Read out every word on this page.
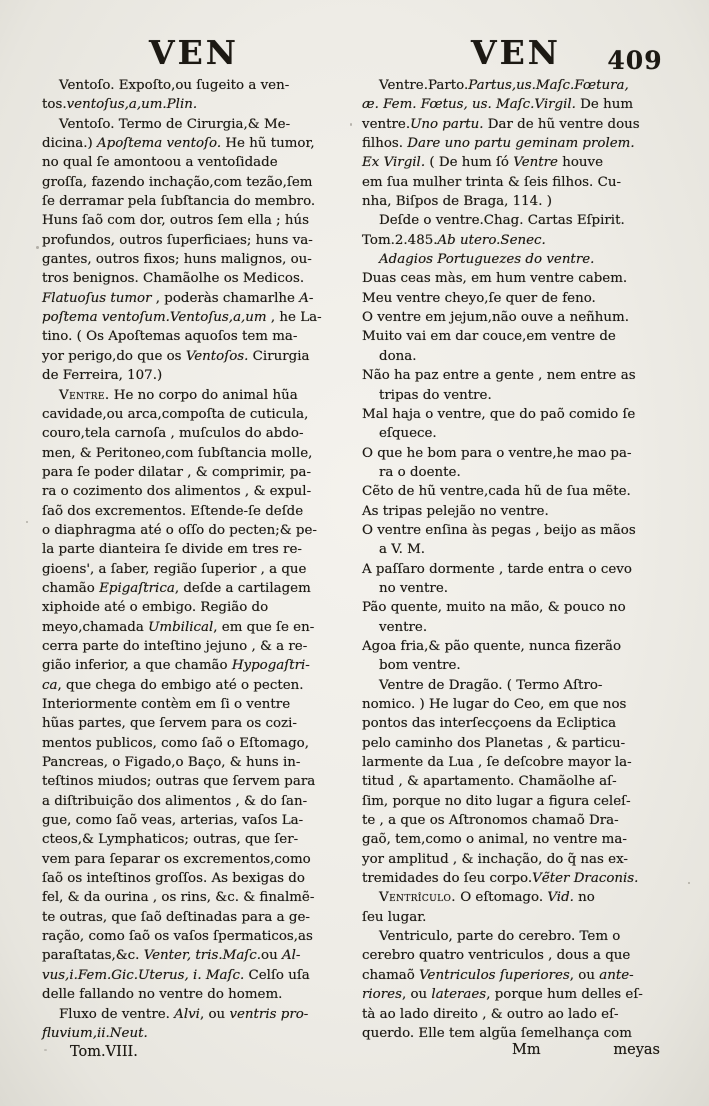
VEN	VEN	409
	Ventoſo. Expoſto,ou ſugeito a ven-
tos.ventoſus,a,um.Plin.
	Ventoſo. Termo de Cirurgia,& Me-
dicina.) Apoſtema ventoſo. He hũ tumor,
no qual ſe amontoou a ventoſidade
groſſa, fazendo inchação,com tezão,ſem
ſe derramar pela ſubſtancia do membro.
Huns ſaõ com dor, outros ſem ella ; hús
profundos, outros ſuperficiaes; huns va-
gantes, outros fixos; huns malignos, ou-
tros benignos. Chamãolhe os Medicos.
Flatuoſus tumor , poderàs chamarlhe A-
poſtema ventoſum.Ventoſus,a,um , he La-
tino. ( Os Apoſtemas aquoſos tem ma-
yor perigo,do que os Ventoſos. Cirurgia
de Ferreira, 107.)
	Ventre. He no corpo do animal hũa
cavidade,ou arca,compoſta de cuticula,
couro,tela carnoſa , muſculos do abdo-
men, & Peritoneo,com ſubſtancia molle,
para ſe poder dilatar , & comprimir, pa-
ra o cozimento dos alimentos , & expul-
ſaõ dos excrementos. Eſtende-ſe deſde
o diaphragma até o oſſo do pecten;& pe-
la parte dianteira ſe divide em tres re-
gioens', a ſaber, região ſuperior , a que
chamão Epigaſtrica, deſde a cartilagem
xiphoide até o embigo. Região do
meyo,chamada Umbilical, em que ſe en-
cerra parte do inteſtino jejuno , & a re-
gião inferior, a que chamão Hypogaſtri-
ca, que chega do embigo até o pecten.
Interiormente contèm em ſi o ventre
hũas partes, que ſervem para os cozi-
mentos publicos, como ſaõ o Eſtomago,
Pancreas, o Figado,o Baço, & huns in-
teſtinos miudos; outras que ſervem para
a diſtribuição dos alimentos , & do ſan-
gue, como ſaõ veas, arterias, vaſos La-
cteos,& Lymphaticos; outras, que ſer-
vem para ſeparar os excrementos,como
ſaõ os inteſtinos groſſos. As bexigas do
fel, & da ourina , os rins, &c. & finalmẽ-
te outras, que ſaõ deſtinadas para a ge-
ração, como ſaõ os vaſos ſpermaticos,as
paraſtatas,&c. Venter, tris.Maſc.ou Al-
vus,i.Fem.Gic.Uterus, i. Maſc. Celſo uſa
delle fallando no ventre do homem.
	Fluxo de ventre. Alvi, ou ventris pro-
fluvium,ii.Neut.
	Ventre.Parto.Partus,us.Maſc.Fœtura,
æ. Fem. Fœtus, us. Maſc.Virgil. De hum
ventre.Uno partu. Dar de hũ ventre dous
filhos. Dare uno partu geminam prolem.
Ex Virgil. ( De hum ſó Ventre houve
em ſua mulher trinta & ſeis filhos. Cu-
nha, Biſpos de Braga, 114. )
	Deſde o ventre.Chag. Cartas Eſpirit.
Tom.2.485.Ab utero.Senec.
	Adagios Portuguezes do ventre.
Duas ceas màs, em hum ventre cabem.
Meu ventre cheyo,ſe quer de feno.
O ventre em jejum,não ouve a neñhum.
Muito vai em dar couce,em ventre de
	dona.
Não ha paz entre a gente , nem entre as
	tripas do ventre.
Mal haja o ventre, que do paõ comido ſe
	eſquece.
O que he bom para o ventre,he mao pa-
	ra o doente.
Cẽto de hũ ventre,cada hũ de ſua mẽte.
As tripas pelejão no ventre.
O ventre enſina às pegas , beijo as mãos
	a V. M.
A paſſaro dormente , tarde entra o cevo
	no ventre.
Pão quente, muito na mão, & pouco no
	ventre.
Agoa fria,& pão quente, nunca fizerão
	bom ventre.
	Ventre de Dragão. ( Termo Aſtro-
nomico. ) He lugar do Ceo, em que nos
pontos das interſecçoens da Ecliptica
pelo caminho dos Planetas , & particu-
larmente da Lua , ſe deſcobre mayor la-
titud , & apartamento. Chamãolhe aſ-
ſim, porque no dito lugar a figura celeſ-
te , a que os Aſtronomos chamaõ Dra-
gaõ, tem,como o animal, no ventre ma-
yor amplitud , & inchação, do q̃ nas ex-
tremidades do ſeu corpo.Vẽter Draconis.
	Ventrîculo. O eſtomago. Vid. no
ſeu lugar.
	Ventriculo, parte do cerebro. Tem o
cerebro quatro ventriculos , dous a que
chamaõ Ventriculos ſuperiores, ou ante-
riores, ou lateraes, porque hum delles eſ-
tà ao lado direito , & outro ao lado eſ-
querdo. Elle tem algũa ſemelhança com
Tom.VIII.	Mm	meyas
